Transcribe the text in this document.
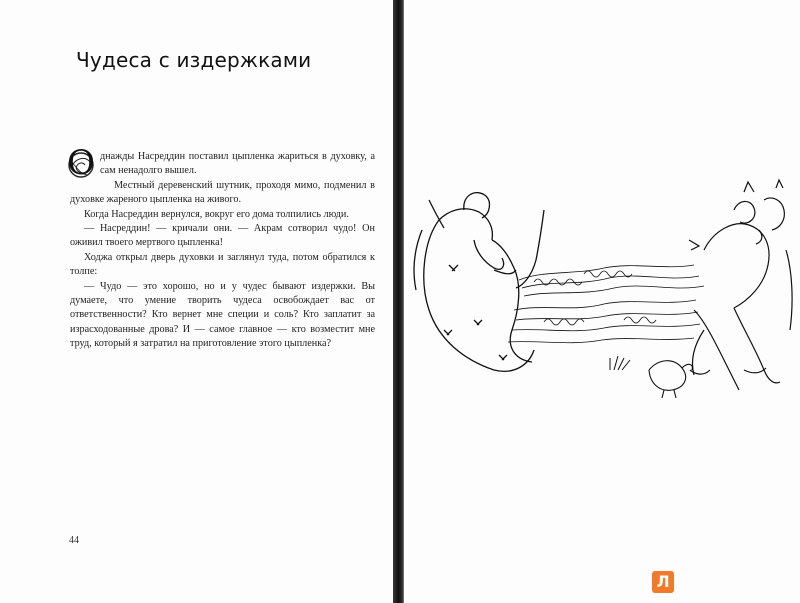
Чудеса с издержками

О днажды Насреддин поставил цыпленка жариться в духовку, а сам ненадолго вышел.

Местный деревенский шутник, проходя мимо, подменил в духовке жареного цыпленка на живого.

Когда Насреддин вернулся, вокруг его дома толпились люди.

— Насреддин! — кричали они. — Акрам сотворил чудо! Он оживил твоего мертвого цыпленка!

Ходжа открыл дверь духовки и заглянул туда, потом обратился к толпе:

— Чудо — это хорошо, но и у чудес бывают издержки. Вы думаете, что умение творить чудеса освобождает вас от ответственности? Кто вернет мне специи и соль? Кто заплатит за израсходованные дрова? И — самое главное — кто возместит мне труд, который я затратил на приготовление этого цыпленка?

44
Л
